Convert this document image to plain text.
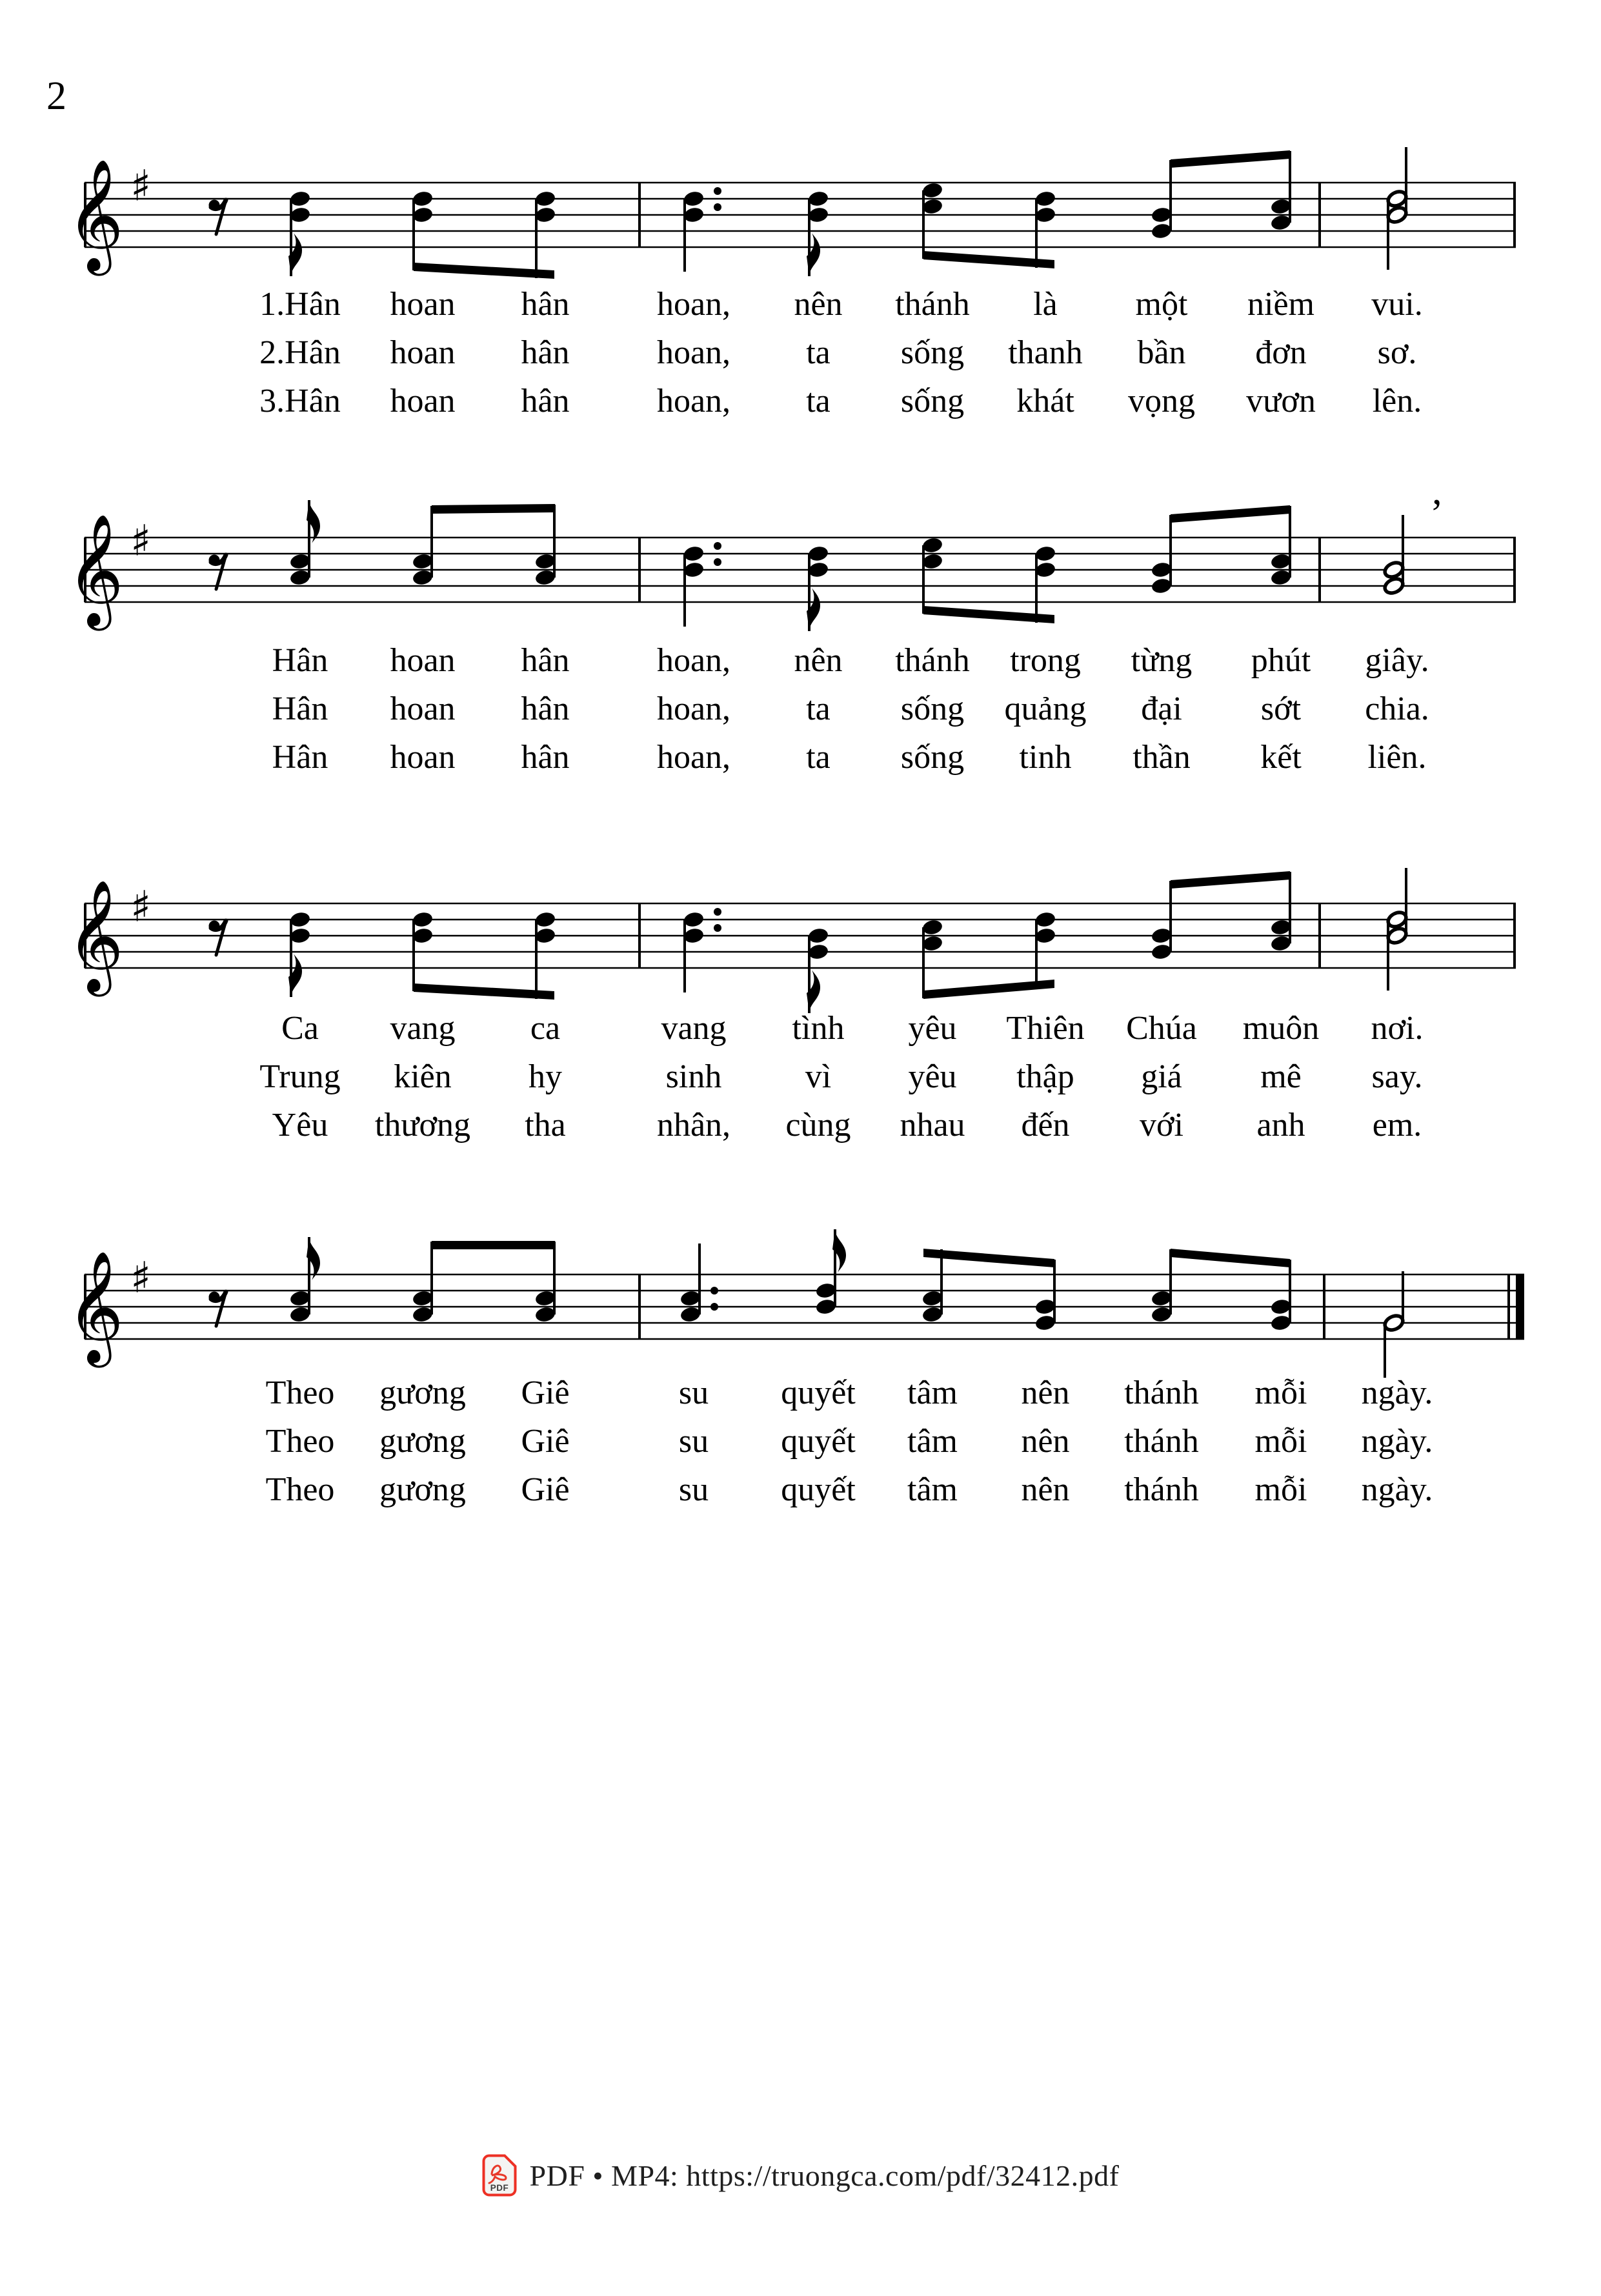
2
𝄞 ♯
𝄞 ♯
’
𝄞 ♯
𝄞 ♯
1.Hân hoan hân	hoan, nên thánh là một niềm vui.
2.Hân hoan hân	hoan, ta sống thanh bần đơn sơ.
3.Hân hoan hân	hoan, ta sống khát vọng vươn lên.
Hân hoan hân	hoan, nên thánh trong từng phút giây.
Hân hoan hân	hoan, ta sống quảng đại sớt chia.
Hân hoan hân	hoan, ta sống tinh thần kết liên.
Ca vang ca	vang tình yêu Thiên Chúa muôn nơi.
Trung kiên hy	sinh vì yêu thập giá mê say.
Yêu thương tha	nhân, cùng nhau đến với anh em.
Theo gương Giê	su quyết tâm nên thánh mỗi ngày.
Theo gương Giê	su quyết tâm nên thánh mỗi ngày.
Theo gương Giê	su quyết tâm nên thánh mỗi ngày.
PDF PDF • MP4: https://truongca.com/pdf/32412.pdf
